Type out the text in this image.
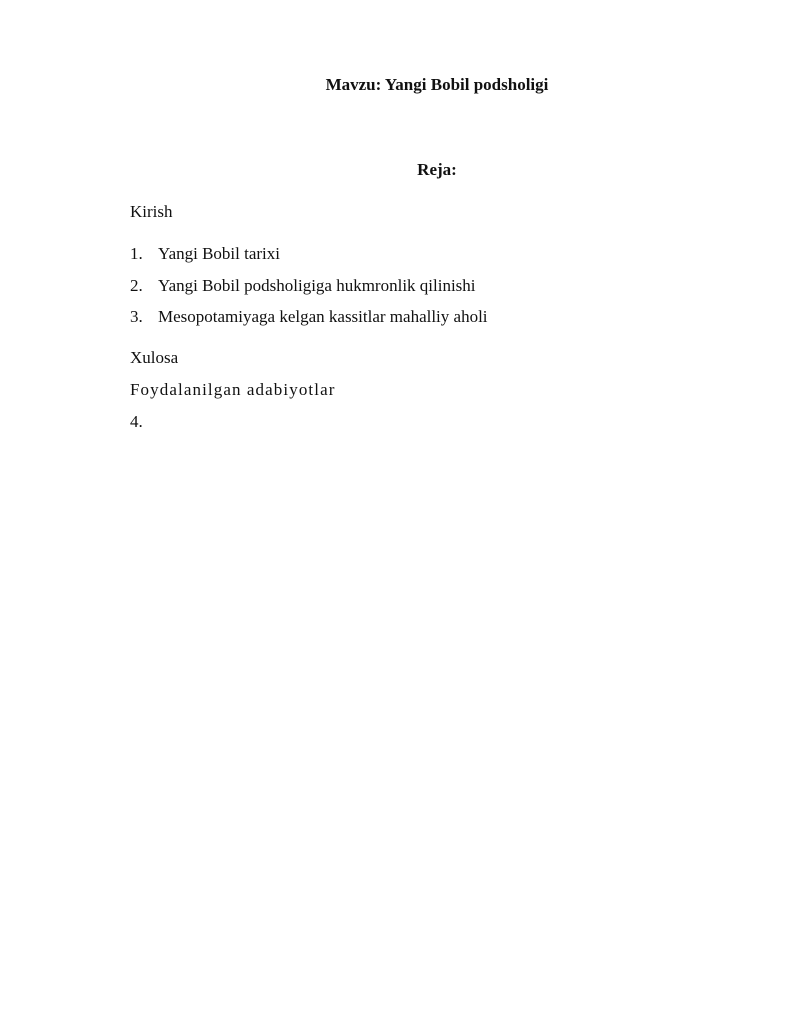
Mavzu: Yangi Bobil podsholigi
Reja:

Kirish

1. Yangi Bobil tarixi
2. Yangi Bobil podsholigiga hukmronlik qilinishi
3. Mesopotamiyaga kelgan kassitlar mahalliy aholi

Xulosa

Foydalanilgan adabiyotlar

4.
